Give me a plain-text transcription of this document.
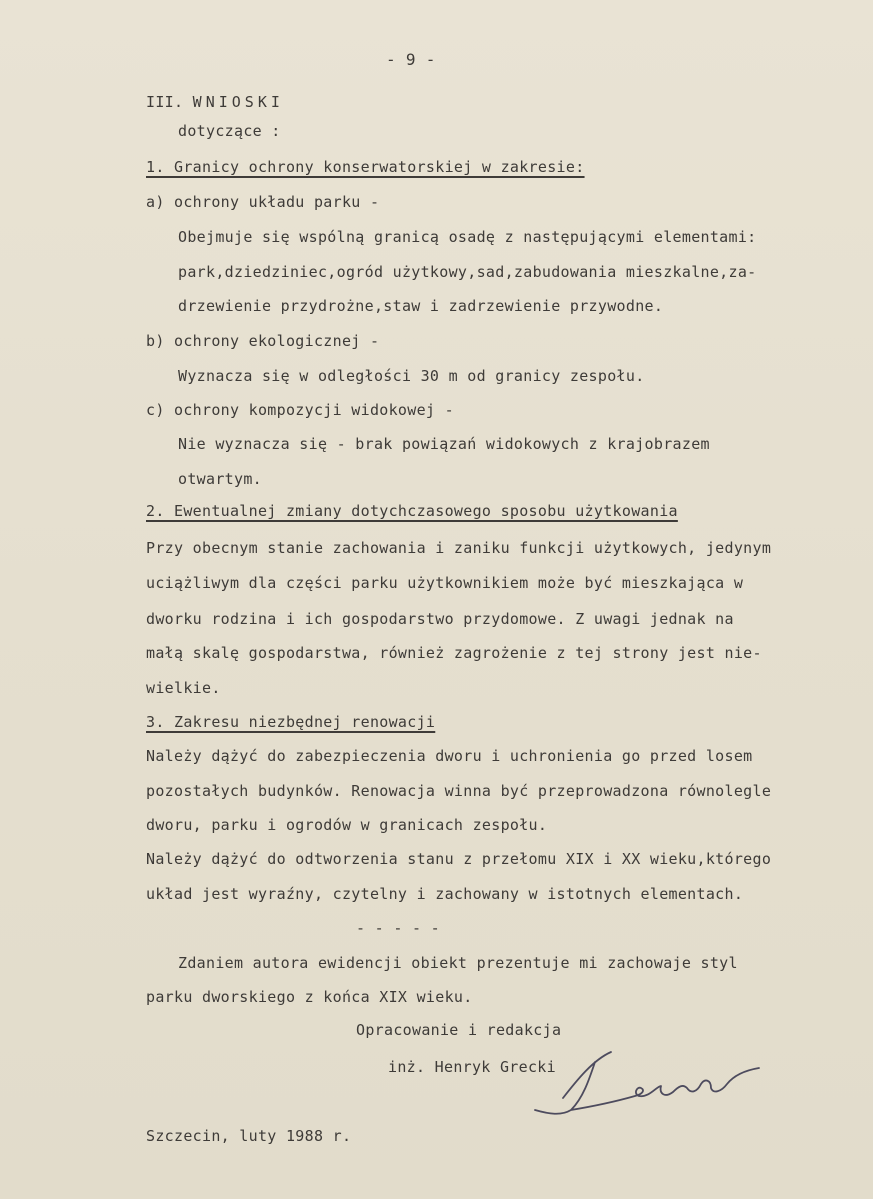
- 9 -
III. WNIOSKI
dotyczące :
1. Granicy ochrony konserwatorskiej w zakresie:
a) ochrony układu parku -
Obejmuje się wspólną granicą osadę z następującymi elementami:
park,dziedziniec,ogród użytkowy,sad,zabudowania mieszkalne,za-
drzewienie przydrożne,staw i zadrzewienie przywodne.
b) ochrony ekologicznej -
Wyznacza się w odległości 30 m od granicy zespołu.
c) ochrony kompozycji widokowej -
Nie wyznacza się - brak powiązań widokowych z krajobrazem
otwartym.
2. Ewentualnej zmiany dotychczasowego sposobu użytkowania
Przy obecnym stanie zachowania i zaniku funkcji użytkowych, jedynym
uciążliwym dla części parku użytkownikiem może być mieszkająca w
dworku rodzina i ich gospodarstwo przydomowe. Z uwagi jednak na
małą skalę gospodarstwa, również zagrożenie z tej strony jest nie-
wielkie.
3. Zakresu niezbędnej renowacji
Należy dążyć do zabezpieczenia dworu i uchronienia go przed losem
pozostałych budynków. Renowacja winna być przeprowadzona równolegle
dworu, parku i ogrodów w granicach zespołu.
Należy dążyć do odtworzenia stanu z przełomu XIX i XX wieku,którego
układ jest wyraźny, czytelny i zachowany w istotnych elementach.
- - - - -
Zdaniem autora ewidencji obiekt prezentuje mi zachowaje styl
parku dworskiego z końca XIX wieku.
Opracowanie i redakcja
inż. Henryk Grecki
Szczecin, luty 1988 r.
